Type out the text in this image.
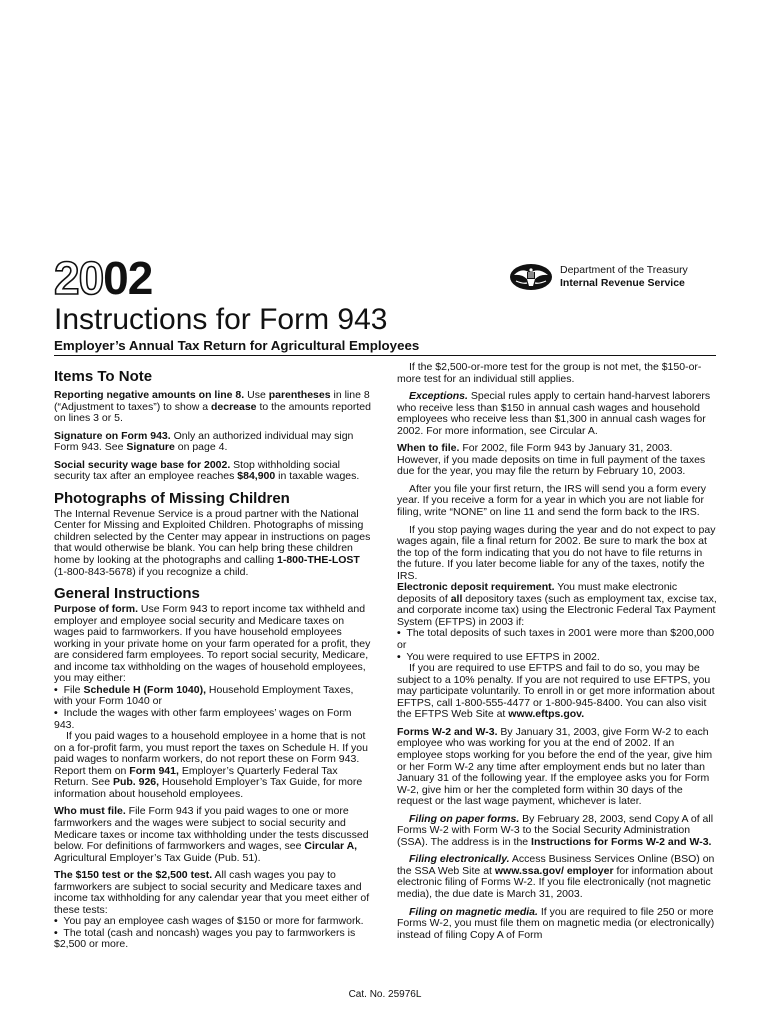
2002	Department of the Treasury
Internal Revenue Service
Instructions for Form 943
Employer’s Annual Tax Return for Agricultural Employees
Items To Note

Reporting negative amounts on line 8. Use parentheses in line 8 (“Adjustment to taxes”) to show a decrease to the amounts reported on lines 3 or 5.

Signature on Form 943. Only an authorized individual may sign Form 943. See Signature on page 4.

Social security wage base for 2002. Stop withholding social security tax after an employee reaches $84,900 in taxable wages.

Photographs of Missing Children

The Internal Revenue Service is a proud partner with the National Center for Missing and Exploited Children. Photographs of missing children selected by the Center may appear in instructions on pages that would otherwise be blank. You can help bring these children home by looking at the photographs and calling 1-800-THE-LOST (1-800-843-5678) if you recognize a child.

General Instructions

Purpose of form. Use Form 943 to report income tax withheld and employer and employee social security and Medicare taxes on wages paid to farmworkers. If you have household employees working in your private home on your farm operated for a profit, they are considered farm employees. To report social security, Medicare, and income tax withholding on the wages of household employees, you may either:

• File Schedule H (Form 1040), Household Employment Taxes, with your Form 1040 or

• Include the wages with other farm employees’ wages on Form 943.

If you paid wages to a household employee in a home that is not on a for-profit farm, you must report the taxes on Schedule H. If you paid wages to nonfarm workers, do not report these on Form 943. Report them on Form 941, Employer’s Quarterly Federal Tax Return. See Pub. 926, Household Employer’s Tax Guide, for more information about household employees.

Who must file. File Form 943 if you paid wages to one or more farmworkers and the wages were subject to social security and Medicare taxes or income tax withholding under the tests discussed below. For definitions of farmworkers and wages, see Circular A, Agricultural Employer’s Tax Guide (Pub. 51).

The $150 test or the $2,500 test. All cash wages you pay to farmworkers are subject to social security and Medicare taxes and income tax withholding for any calendar year that you meet either of these tests:

• You pay an employee cash wages of $150 or more for farmwork.

• The total (cash and noncash) wages you pay to farmworkers is $2,500 or more.

If the $2,500-or-more test for the group is not met, the $150-or-more test for an individual still applies.

Exceptions. Special rules apply to certain hand-harvest laborers who receive less than $150 in annual cash wages and household employees who receive less than $1,300 in annual cash wages for 2002. For more information, see Circular A.

When to file. For 2002, file Form 943 by January 31, 2003. However, if you made deposits on time in full payment of the taxes due for the year, you may file the return by February 10, 2003.

After you file your first return, the IRS will send you a form every year. If you receive a form for a year in which you are not liable for filing, write “NONE” on line 11 and send the form back to the IRS.

If you stop paying wages during the year and do not expect to pay wages again, file a final return for 2002. Be sure to mark the box at the top of the form indicating that you do not have to file returns in the future. If you later become liable for any of the taxes, notify the IRS.

Electronic deposit requirement. You must make electronic deposits of all depository taxes (such as employment tax, excise tax, and corporate income tax) using the Electronic Federal Tax Payment System (EFTPS) in 2003 if:

• The total deposits of such taxes in 2001 were more than $200,000 or

• You were required to use EFTPS in 2002.

If you are required to use EFTPS and fail to do so, you may be subject to a 10% penalty. If you are not required to use EFTPS, you may participate voluntarily. To enroll in or get more information about EFTPS, call 1-800-555-4477 or 1-800-945-8400. You can also visit the EFTPS Web Site at www.eftps.gov.

Forms W-2 and W-3. By January 31, 2003, give Form W-2 to each employee who was working for you at the end of 2002. If an employee stops working for you before the end of the year, give him or her Form W-2 any time after employment ends but no later than January 31 of the following year. If the employee asks you for Form W-2, give him or her the completed form within 30 days of the request or the last wage payment, whichever is later.

Filing on paper forms. By February 28, 2003, send Copy A of all Forms W-2 with Form W-3 to the Social Security Administration (SSA). The address is in the Instructions for Forms W-2 and W-3.

Filing electronically. Access Business Services Online (BSO) on the SSA Web Site at www.ssa.gov/ employer for information about electronic filing of Forms W-2. If you file electronically (not magnetic media), the due date is March 31, 2003.

Filing on magnetic media. If you are required to file 250 or more Forms W-2, you must file them on magnetic media (or electronically) instead of filing Copy A of Form

Cat. No. 25976L
